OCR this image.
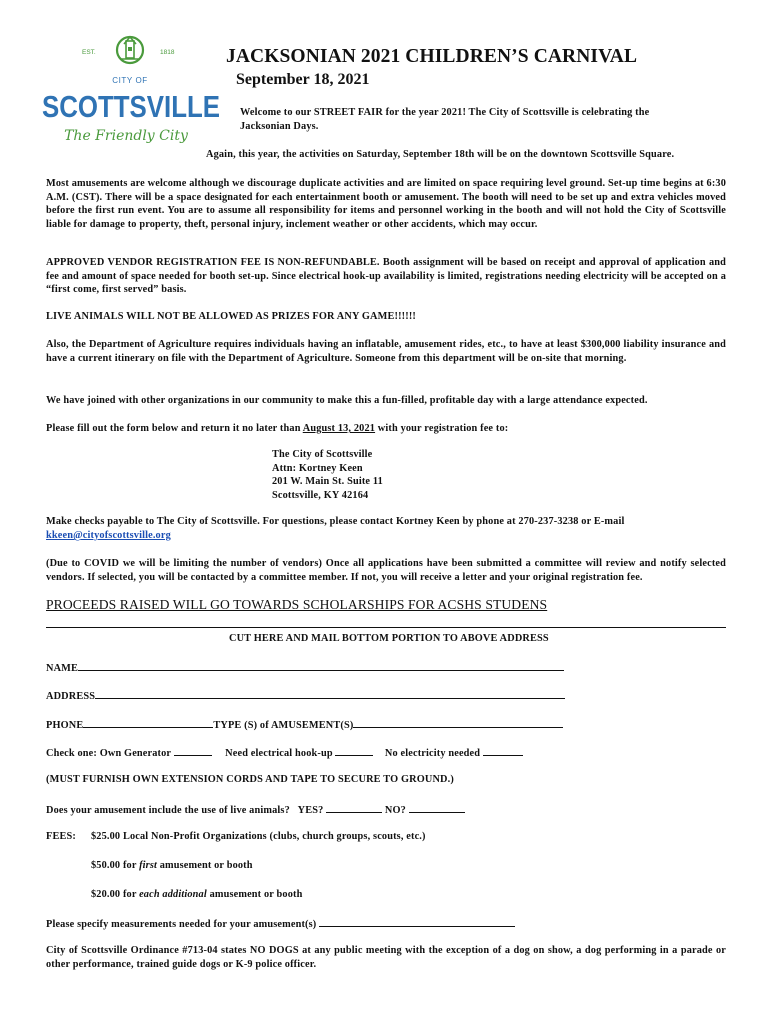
EST.	1818
CITY OF
SCOTTSVILLE
The Friendly City
JACKSONIAN 2021 CHILDREN’S CARNIVAL
September 18, 2021
Welcome to our STREET FAIR for the year 2021! The City of Scottsville is celebrating the
Jacksonian Days.
Again, this year, the activities on Saturday, September 18th will be on the downtown Scottsville Square.
Most amusements are welcome although we discourage duplicate activities and are limited on space requiring level ground. Set-up time begins at 6:30 A.M. (CST). There will be a space designated for each entertainment booth or amusement. The booth will need to be set up and extra vehicles moved before the first run event. You are to assume all responsibility for items and personnel working in the booth and will not hold the City of Scottsville liable for damage to property, theft, personal injury, inclement weather or other accidents, which may occur.
APPROVED VENDOR REGISTRATION FEE IS NON-REFUNDABLE. Booth assignment will be based on receipt and approval of application and fee and amount of space needed for booth set-up. Since electrical hook-up availability is limited, registrations needing electricity will be accepted on a “first come, first served” basis.
LIVE ANIMALS WILL NOT BE ALLOWED AS PRIZES FOR ANY GAME!!!!!!
Also, the Department of Agriculture requires individuals having an inflatable, amusement rides, etc., to have at least $300,000 liability insurance and have a current itinerary on file with the Department of Agriculture. Someone from this department will be on-site that morning.
We have joined with other organizations in our community to make this a fun-filled, profitable day with a large attendance expected.
Please fill out the form below and return it no later than August 13, 2021 with your registration fee to:
The City of Scottsville
Attn: Kortney Keen
201 W. Main St. Suite 11
Scottsville, KY 42164
Make checks payable to The City of Scottsville. For questions, please contact Kortney Keen by phone at 270-237-3238 or E-mail
kkeen@cityofscottsville.org
(Due to COVID we will be limiting the number of vendors) Once all applications have been submitted a committee will review and notify selected vendors. If selected, you will be contacted by a committee member. If not, you will receive a letter and your original registration fee.
PROCEEDS RAISED WILL GO TOWARDS SCHOLARSHIPS FOR ACSHS STUDENS
CUT HERE AND MAIL BOTTOM PORTION TO ABOVE ADDRESS
NAME
ADDRESS
PHONE	TYPE (S) of AMUSEMENT(S)
Check one: Own Generator	Need electrical hook-up	No electricity needed
(MUST FURNISH OWN EXTENSION CORDS AND TAPE TO SECURE TO GROUND.)
Does your amusement include the use of live animals? YES?	NO?
FEES: $25.00 Local Non-Profit Organizations (clubs, church groups, scouts, etc.)
$50.00 for first amusement or booth
$20.00 for each additional amusement or booth
Please specify measurements needed for your amusement(s)
City of Scottsville Ordinance #713-04 states NO DOGS at any public meeting with the exception of a dog on show, a dog performing in a parade or other performance, trained guide dogs or K-9 police officer.
